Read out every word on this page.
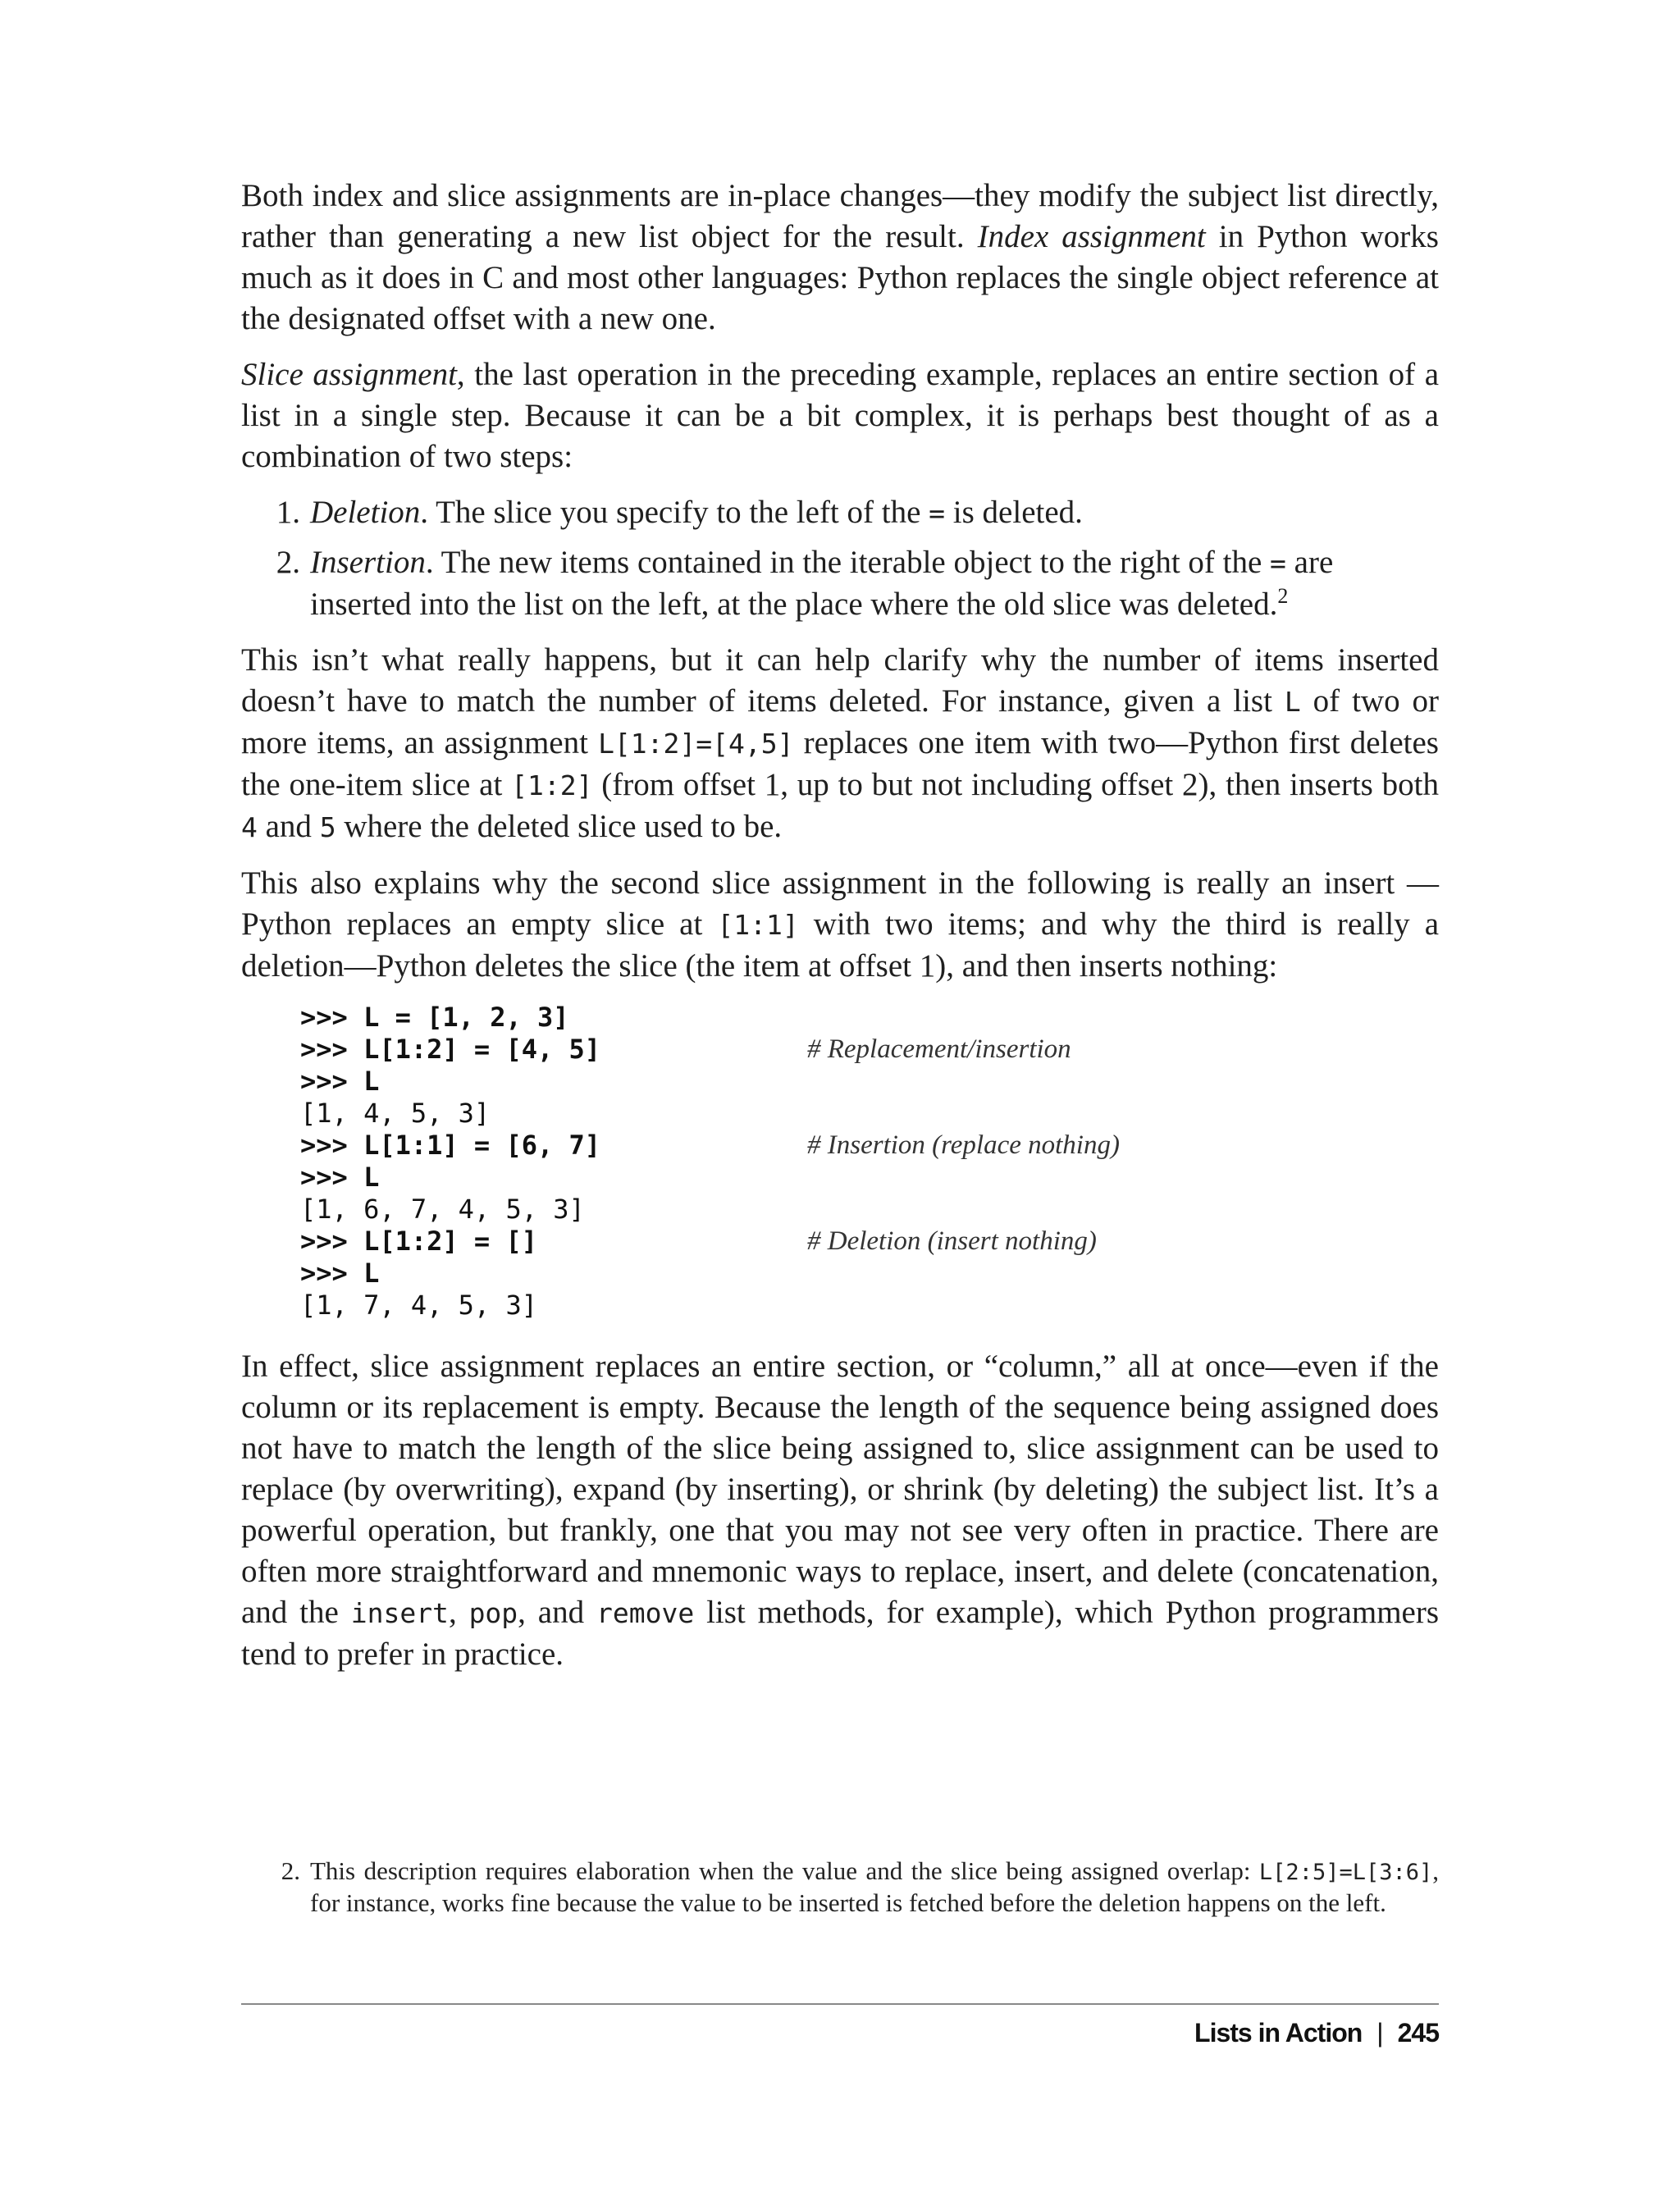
Both index and slice assignments are in-place changes—they modify the subject list directly, rather than generating a new list object for the result. Index assignment in Python works much as it does in C and most other languages: Python replaces the single object reference at the designated offset with a new one.

Slice assignment, the last operation in the preceding example, replaces an entire section of a list in a single step. Because it can be a bit complex, it is perhaps best thought of as a combination of two steps:

1. Deletion. The slice you specify to the left of the = is deleted.
2. Insertion. The new items contained in the iterable object to the right of the = are inserted into the list on the left, at the place where the old slice was deleted.$^2$

This isn’t what really happens, but it can help clarify why the number of items inserted doesn’t have to match the number of items deleted. For instance, given a list L of two or more items, an assignment L[1:2]=[4,5] replaces one item with two—Python first deletes the one-item slice at [1:2] (from offset 1, up to but not including offset 2), then inserts both 4 and 5 where the deleted slice used to be.

This also explains why the second slice assignment in the following is really an insert —Python replaces an empty slice at [1:1] with two items; and why the third is really a deletion—Python deletes the slice (the item at offset 1), and then inserts nothing:

>>> L = [1, 2, 3]
>>> L[1:2] = [4, 5]	# Replacement/insertion
>>> L
[1, 4, 5, 3]
>>> L[1:1] = [6, 7]	# Insertion (replace nothing)
>>> L
[1, 6, 7, 4, 5, 3]
>>> L[1:2] = []	# Deletion (insert nothing)
>>> L
[1, 7, 4, 5, 3]

In effect, slice assignment replaces an entire section, or “column,” all at once—even if the column or its replacement is empty. Because the length of the sequence being assigned does not have to match the length of the slice being assigned to, slice assignment can be used to replace (by overwriting), expand (by inserting), or shrink (by deleting) the subject list. It’s a powerful operation, but frankly, one that you may not see very often in practice. There are often more straightforward and mnemonic ways to replace, insert, and delete (concatenation, and the insert, pop, and remove list methods, for example), which Python programmers tend to prefer in practice.

2. This description requires elaboration when the value and the slice being assigned overlap: L[2:5]=L[3:6], for instance, works fine because the value to be inserted is fetched before the deletion happens on the left.
Lists in Action | 245
